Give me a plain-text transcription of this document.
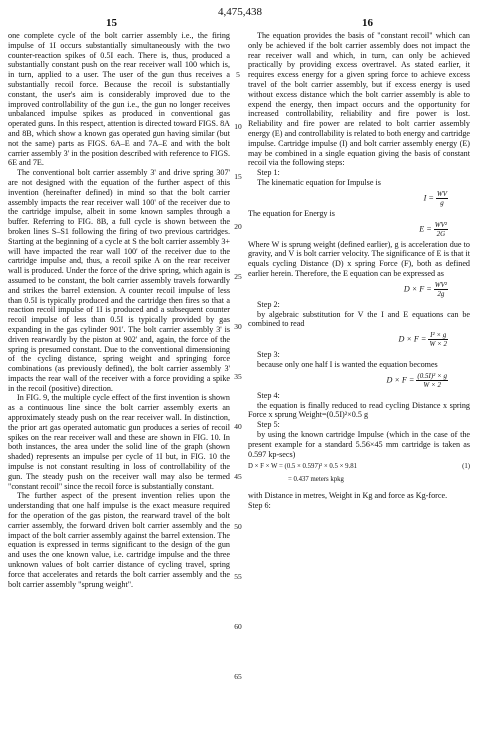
4,475,438
15	16
5
10
15
20
25
30
35
40
45
50
55
60
65

one complete cycle of the bolt carrier assembly i.e., the firing impulse of 1I occurs substantially simultaneously with the two counter-reaction spikes of 0.5I each. There is, thus, produced a substantially constant push on the rear receiver wall 100 which is, in turn, applied to a user. The user of the gun thus receives a substantially recoil force. Because the recoil is substantially constant, the user's aim is considerably improved due to the improved controllability of the gun i.e., the gun no longer receives unbalanced impulse spikes as produced in conventional gas operated guns. In this respect, attention is directed toward FIGS. 8A and 8B, which show a known gas operated gun having similar (but not the same) parts as FIGS. 6A–E and 7A–E and with the bolt carrier assembly 3' in the position described with reference to FIGS. 6E and 7E.

The conventional bolt carrier assembly 3' and drive spring 307' are not designed with the equation of the further aspect of this invention (hereinafter defined) in mind so that the bolt carrier assembly impacts the rear receiver wall 100' of the receiver due to the cartridge impulse, albeit in some known samples through a buffer. Referring to FIG. 8B, a full cycle is shown between the broken lines S–S1 following the firing of two previous cartridges. Starting at the beginning of a cycle at S the bolt carrier assembly 3+ will have impacted the rear wall 100' of the receiver due to the cartridge impulse and, thus, a recoil spike A on the rear receiver wall is produced. Under the force of the drive spring, which again is assumed to be constant, the bolt carrier assembly travels forwardly and strikes the barrel extension. A counter recoil impulse of less than 0.5I is typically produced and the cartridge then fires so that a reaction recoil impulse of 1I is produced and a subsequent counter recoil impulse of less than 0.5I is typically provided by gas expanding in the gas cylinder 901'. The bolt carrier assembly 3' is driven rearwardly by the piston at 902' and, again, the force of the spring is presumed constant. Due to the conventional dimensioning of the cycling distance, spring weight and springing force combinations (as previously defined), the bolt carrier assembly 3' impacts the rear wall of the receiver with a force providing a spike in the recoil (positive) direction.

In FIG. 9, the multiple cycle effect of the first invention is shown as a continuous line since the bolt carrier assembly exerts an approximately steady push on the rear receiver wall. In distinction, the prior art gas operated automatic gun produces a series of recoil spikes on the rear receiver wall and these are shown in FIG. 10. In both instances, the area under the solid line of the graph (shown shaded) represents an impulse per cycle of 1I but, in FIG. 10 the impulse is not constant resulting in loss of controllability of the gun. The steady push on the receiver wall may also be termed "constant recoil" since the recoil force is substantially constant.

The further aspect of the present invention relies upon the understanding that one half impulse is the exact measure required for the operation of the gas piston, the rearward travel of the bolt carrier assembly, the forward driven bolt carrier assembly and the impact of the bolt carrier assembly against the barrel extension. The equation is expressed in terms significant to the design of the gun and uses the one known value, i.e. cartridge impulse and the three unknown values of bolt carrier distance of cycling travel, spring force that accelerates and retards the bolt carrier assembly and the bolt carrier assembly "sprung weight".

The equation provides the basis of "constant recoil" which can only be achieved if the bolt carrier assembly does not impact the rear receiver wall and which, in turn, can only be achieved practically by providing excess overtravel. As stated earlier, it requires excess energy for a given spring force to achieve excess travel of the bolt carrier assembly, but if excess energy is used without excess distance which the bolt carrier assembly is able to expend the energy, then impact occurs and the opportunity for increased controllability, reliability and fire power is lost. Reliability and fire power are related to bolt carrier assembly energy (E) and controllability is related to both energy and cartridge impulse. Cartridge impulse (I) and bolt carrier assembly energy (E) may be combined in a single equation giving the basis of constant recoil via the following steps:

Step 1:

The kinematic equation for Impulse is

$I = \frac{WV}{g}$

The equation for Energy is

$E = \frac{\text{WV²}}{2G}$

Where W is sprung weight (defined earlier), g is acceleration due to gravity, and V is bolt carrier velocity. The significance of E is that it equals cycling Distance (D) x spring Force (F), both as defined earlier herein. Therefore, the E equation can be expressed as

$D \times F = \frac{\text{WV²}}{2g}$

Step 2:

by algebraic substitution for V the I and E equations can be combined to read

$D \times F = \frac{\text{I² × g}}{W \times 2}$

Step 3:

because only one half I is wanted the equation becomes

$D \times F = \frac{\text{(0.5I)² × g}}{W \times 2}$

Step 4:

the equation is finally reduced to read cycling Distance x spring Force x sprung Weight=(0.5I)²×0.5 g

Step 5:

by using the known cartridge Impulse (which in the case of the present example for a standard 5.56×45 mm cartridge is taken as 0.597 kp-secs)

D × F × W = (0.5 × 0.597)² × 0.5 × 9.81	(1)
= 0.437 meters kpkg

with Distance in metres, Weight in Kg and force as Kg-force.

Step 6:
